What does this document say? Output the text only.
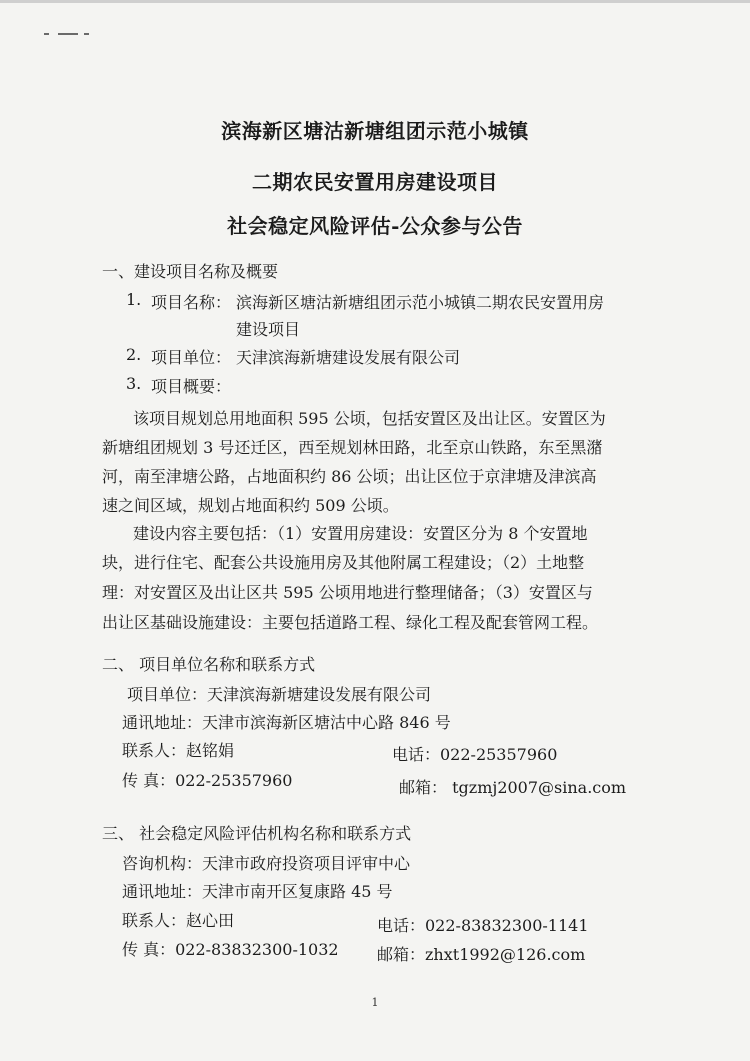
滨海新区塘沽新塘组团示范小城镇
二期农民安置用房建设项目
社会稳定风险评估-公众参与公告
一、建设项目名称及概要
1. 项目名称： 滨海新区塘沽新塘组团示范小城镇二期农民安置用房
建设项目
2. 项目单位： 天津滨海新塘建设发展有限公司
3. 项目概要：
该项目规划总用地面积 595 公顷，包括安置区及出让区。安置区为
新塘组团规划 3 号还迁区，西至规划林田路，北至京山铁路，东至黑潴
河，南至津塘公路，占地面积约 86 公顷；出让区位于京津塘及津滨高
速之间区域，规划占地面积约 509 公顷。
建设内容主要包括：（1）安置用房建设：安置区分为 8 个安置地
块，进行住宅、配套公共设施用房及其他附属工程建设；（2）土地整
理：对安置区及出让区共 595 公顷用地进行整理储备；（3）安置区与
出让区基础设施建设：主要包括道路工程、绿化工程及配套管网工程。
二、 项目单位名称和联系方式
项目单位：天津滨海新塘建设发展有限公司
通讯地址：天津市滨海新区塘沽中心路 846 号
联系人：赵铭娟	电话：022-25357960
传 真：022-25357960	邮箱： tgzmj2007@sina.com
三、 社会稳定风险评估机构名称和联系方式
咨询机构：天津市政府投资项目评审中心
通讯地址：天津市南开区复康路 45 号
联系人：赵心田	电话：022-83832300-1141
传 真：022-83832300-1032 邮箱：zhxt1992@126.com
1
